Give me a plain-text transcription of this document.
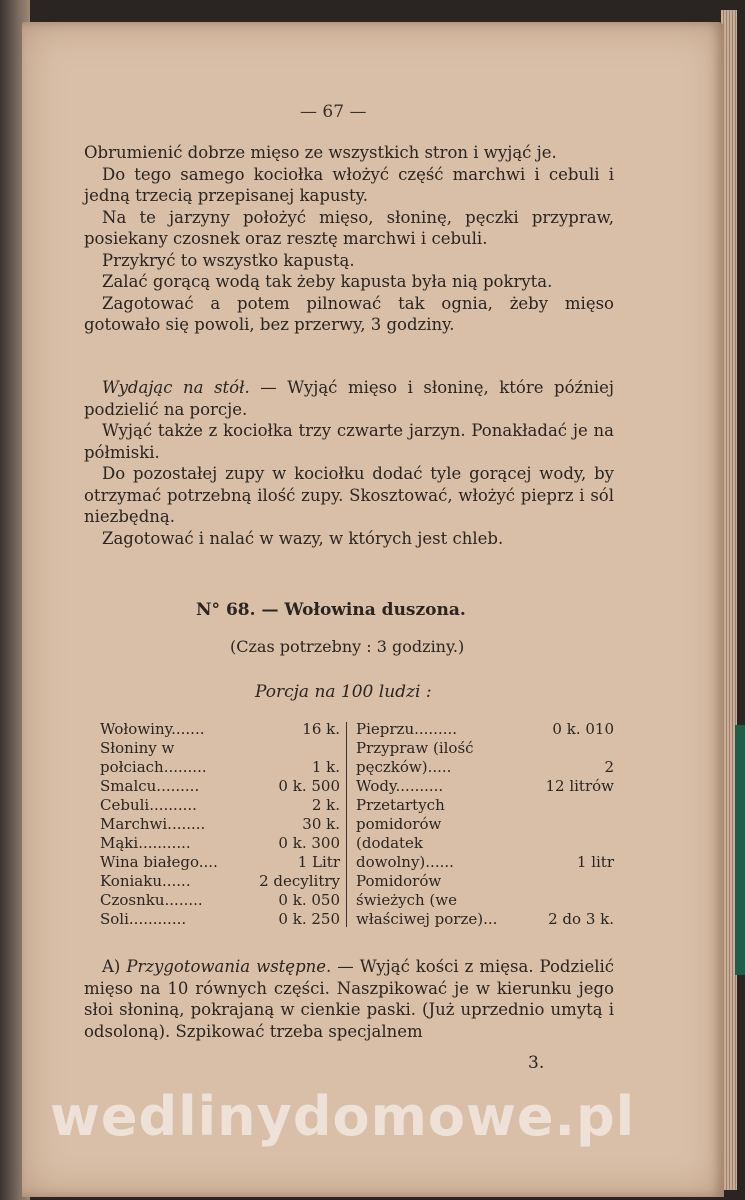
— 67 —

Obrumienić dobrze mięso ze wszystkich stron i wyjąć je.

Do tego samego kociołka włożyć część marchwi i cebuli i jedną trzecią przepisanej kapusty.

Na te jarzyny położyć mięso, słoninę, pęczki przypraw, posiekany czosnek oraz resztę marchwi i cebuli.

Przykryć to wszystko kapustą.

Zalać gorącą wodą tak żeby kapusta była nią pokryta.

Zagotować a potem pilnować tak ognia, żeby mięso gotowało się powoli, bez przerwy, 3 godziny.

Wydając na stół. — Wyjąć mięso i słoninę, które później podzielić na porcje.

Wyjąć także z kociołka trzy czwarte jarzyn. Ponakładać je na półmiski.

Do pozostałej zupy w kociołku dodać tyle gorącej wody, by otrzymać potrzebną ilość zupy. Skosztować, włożyć pieprz i sól niezbędną.

Zagotować i nalać w wazy, w których jest chleb.

N° 68. — Wołowina duszona.
(Czas potrzebny : 3 godziny.)
Porcja na 100 ludzi :
Wołowiny.......	16 k.
Słoniny w połciach.........	1 k.
Smalcu.........	0 k. 500
Cebuli..........	2 k.
Marchwi........	30 k.
Mąki...........	0 k. 300
Wina białego....	1 Litr
Koniaku......	2 decylitry
Czosnku........	0 k. 050
Soli............	0 k. 250
Pieprzu.........	0 k. 010
Przypraw (ilość pęczków).....	2
Wody..........	12 litrów
Przetartych pomidorów (dodatek dowolny)......	1 litr
Pomidorów świeżych (we właściwej porze)...	2 do 3 k.

A) Przygotowania wstępne. — Wyjąć kości z mięsa. Podzielić mięso na 10 równych części. Naszpikować je w kierunku jego słoi słoniną, pokrajaną w cienkie paski. (Już uprzednio umytą i odsoloną). Szpikować trzeba specjalnem

3.
wedlinydomowe.pl
